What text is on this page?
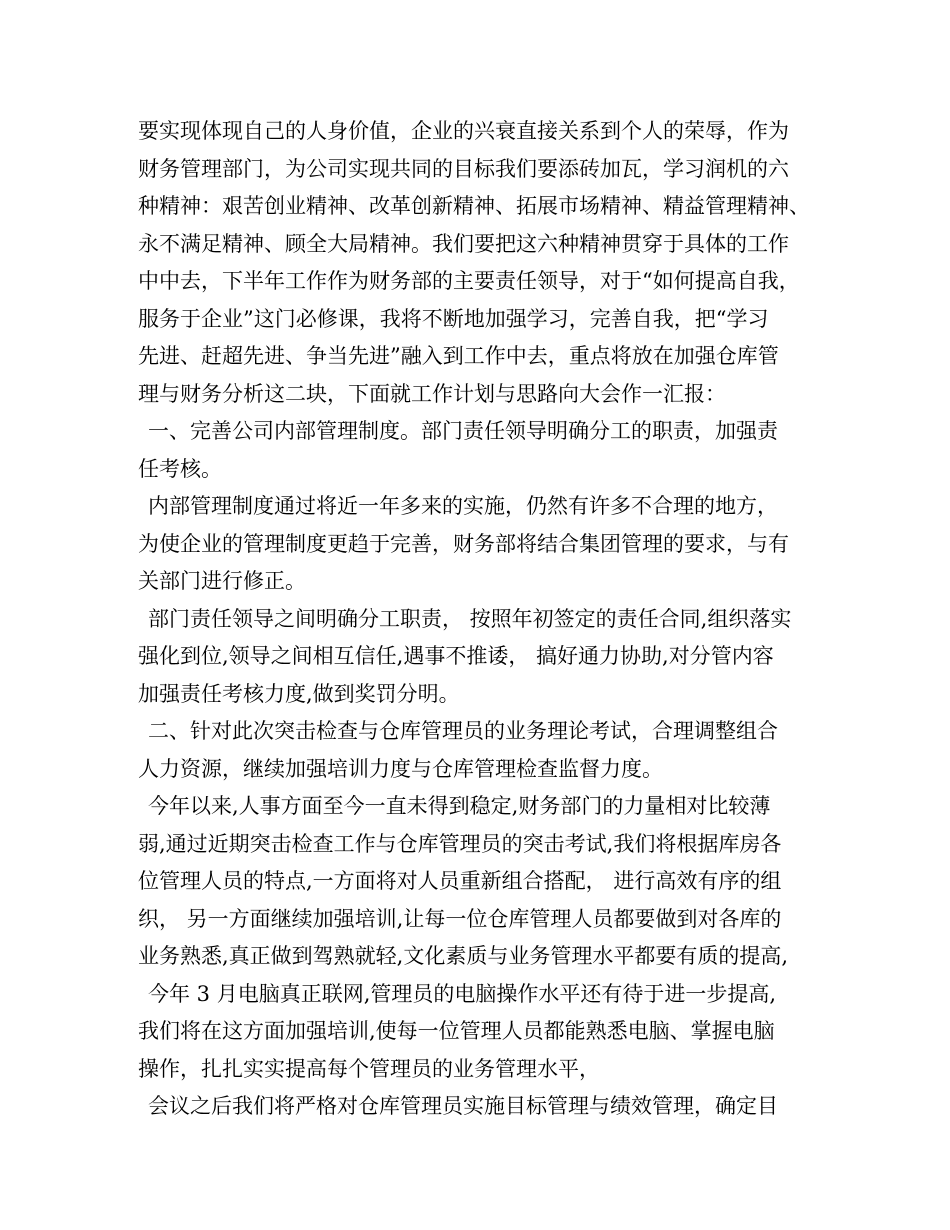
要实现体现自己的人身价值，企业的兴衰直接关系到个人的荣辱，作为
财务管理部门，为公司实现共同的目标我们要添砖加瓦，学习润机的六
种精神：艰苦创业精神、改革创新精神、拓展市场精神、精益管理精神、
永不满足精神、顾全大局精神。我们要把这六种精神贯穿于具体的工作
中中去，下半年工作作为财务部的主要责任领导，对于“如何提高自我，
服务于企业”这门必修课，我将不断地加强学习，完善自我，把“学习
先进、赶超先进、争当先进”融入到工作中去，重点将放在加强仓库管
理与财务分析这二块，下面就工作计划与思路向大会作一汇报：
一、完善公司内部管理制度。部门责任领导明确分工的职责，加强责
任考核。
内部管理制度通过将近一年多来的实施，仍然有许多不合理的地方，
为使企业的管理制度更趋于完善，财务部将结合集团管理的要求，与有
关部门进行修正。
部门责任领导之间明确分工职责， 按照年初签定的责任合同,组织落实
强化到位,领导之间相互信任,遇事不推诿， 搞好通力协助,对分管内容
加强责任考核力度,做到奖罚分明。
二、针对此次突击检查与仓库管理员的业务理论考试，合理调整组合
人力资源，继续加强培训力度与仓库管理检查监督力度。
今年以来,人事方面至今一直未得到稳定,财务部门的力量相对比较薄
弱,通过近期突击检查工作与仓库管理员的突击考试,我们将根据库房各
位管理人员的特点,一方面将对人员重新组合搭配， 进行高效有序的组
织， 另一方面继续加强培训,让每一位仓库管理人员都要做到对各库的
业务熟悉,真正做到驾熟就轻,文化素质与业务管理水平都要有质的提高,
今年 3 月电脑真正联网,管理员的电脑操作水平还有待于进一步提高,
我们将在这方面加强培训,使每一位管理人员都能熟悉电脑、掌握电脑
操作，扎扎实实提高每个管理员的业务管理水平，
会议之后我们将严格对仓库管理员实施目标管理与绩效管理，确定目
